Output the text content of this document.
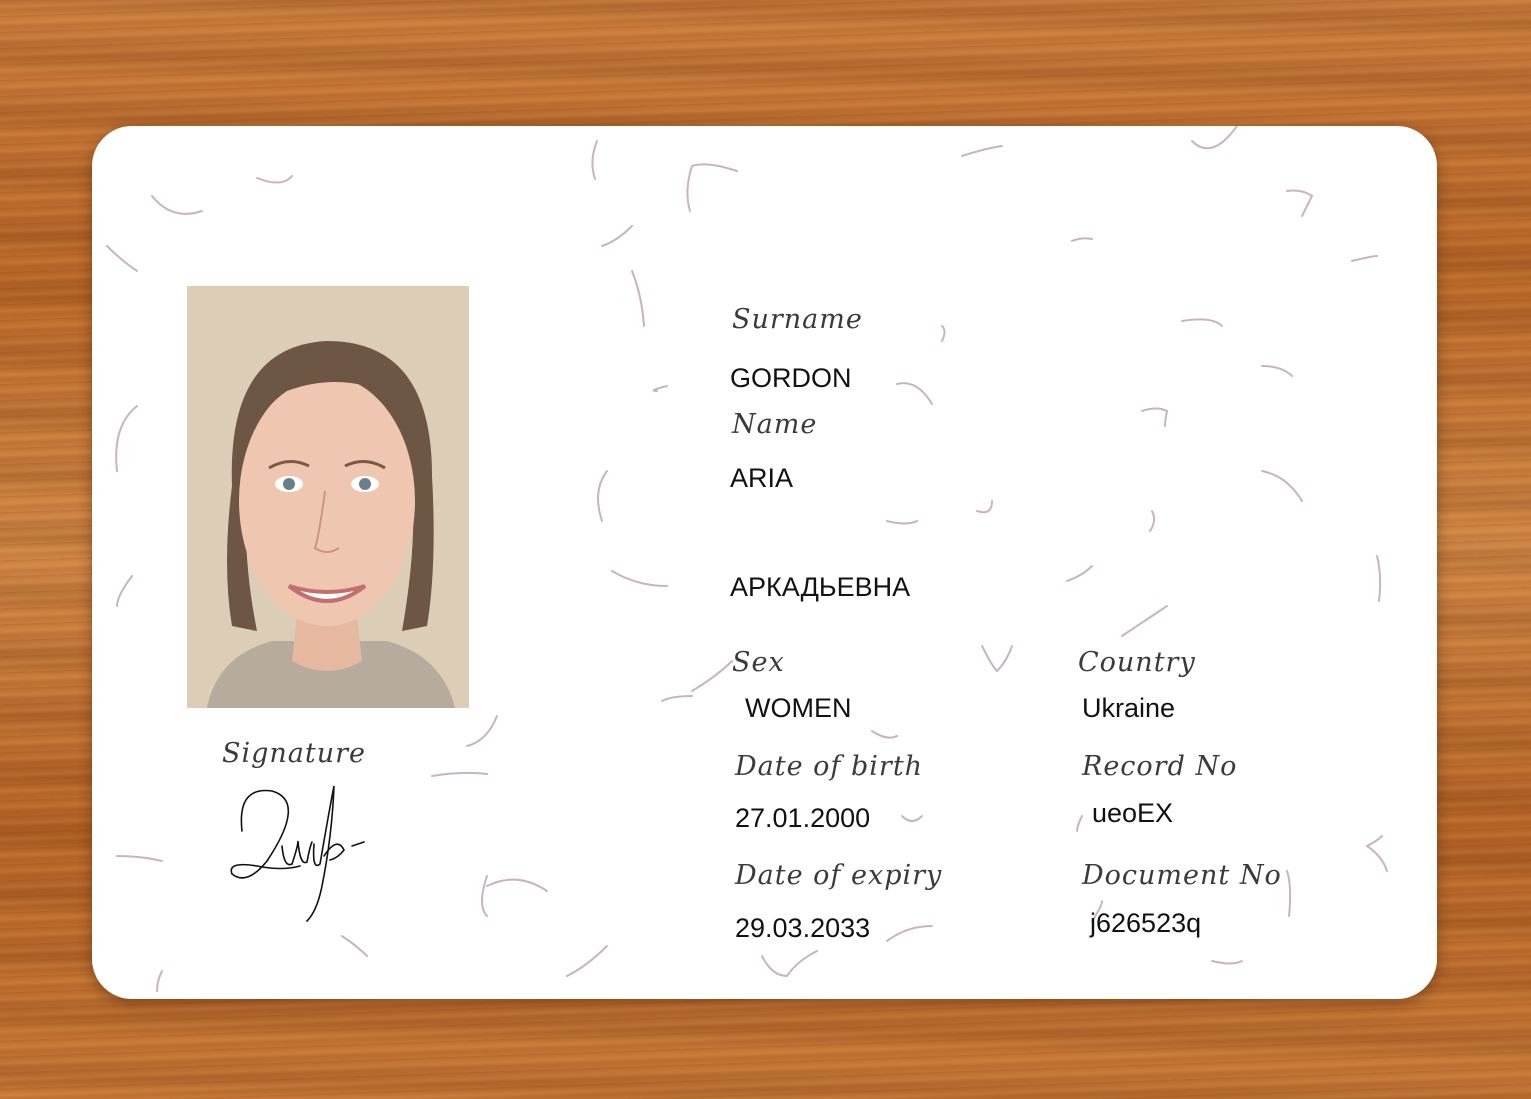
Signature
Surname
GORDON
Name
ARIA
АРКАДЬЕВНА
Sex
WOMEN
Country
Ukraine
Date of birth
27.01.2000
Record No
ueoEX
Date of expiry
29.03.2033
Document No
j626523q
